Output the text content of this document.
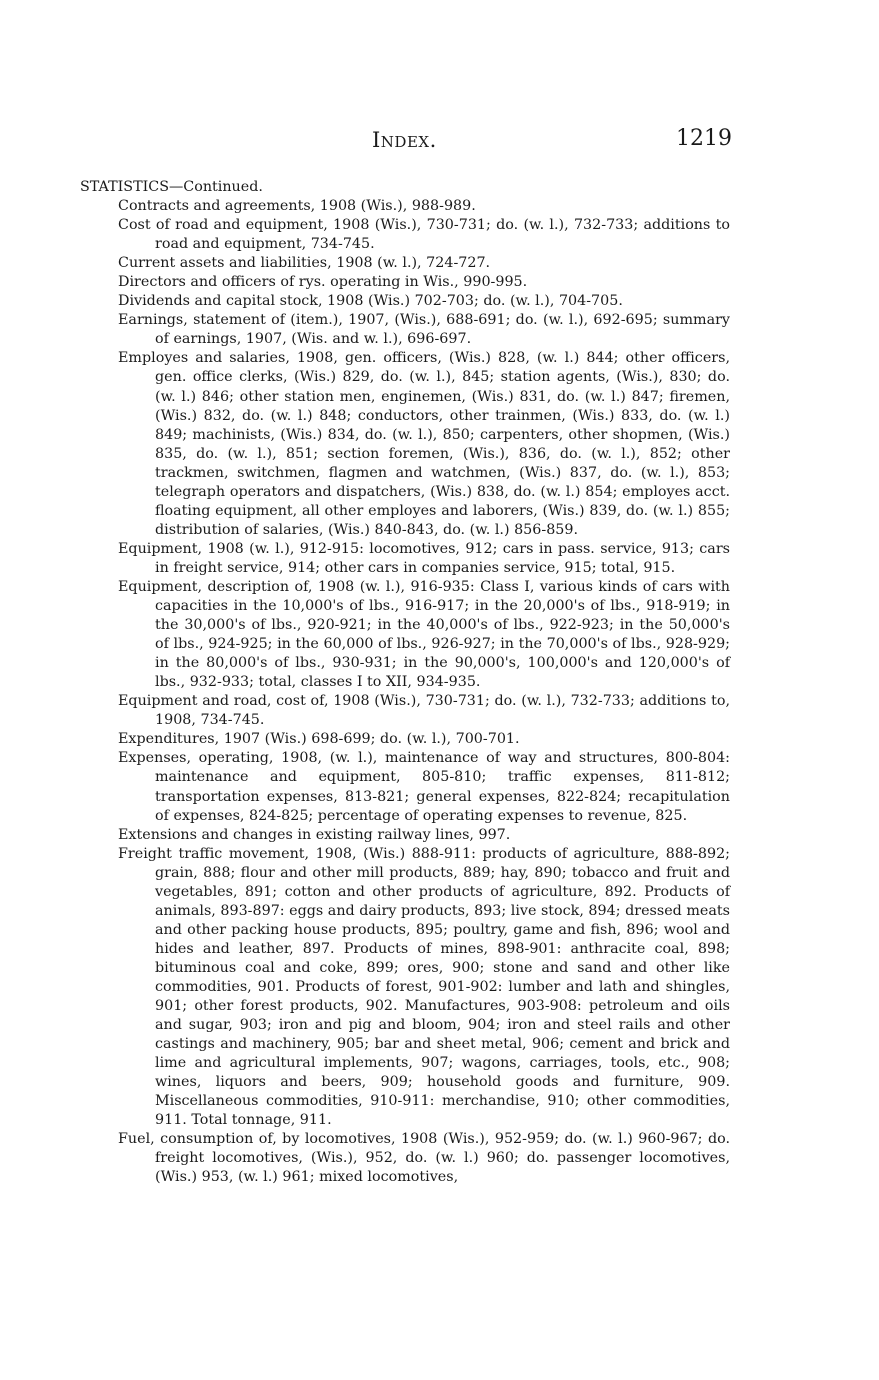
Index.	1219

STATISTICS—Continued.

Contracts and agreements, 1908 (Wis.), 988-989.

Cost of road and equipment, 1908 (Wis.), 730-731; do. (w. l.), 732-733; additions to road and equipment, 734-745.

Current assets and liabilities, 1908 (w. l.), 724-727.

Directors and officers of rys. operating in Wis., 990-995.

Dividends and capital stock, 1908 (Wis.) 702-703; do. (w. l.), 704-705.

Earnings, statement of (item.), 1907, (Wis.), 688-691; do. (w. l.), 692-695; summary of earnings, 1907, (Wis. and w. l.), 696-697.

Employes and salaries, 1908, gen. officers, (Wis.) 828, (w. l.) 844; other officers, gen. office clerks, (Wis.) 829, do. (w. l.), 845; station agents, (Wis.), 830; do. (w. l.) 846; other station men, enginemen, (Wis.) 831, do. (w. l.) 847; firemen, (Wis.) 832, do. (w. l.) 848; conductors, other trainmen, (Wis.) 833, do. (w. l.) 849; machinists, (Wis.) 834, do. (w. l.), 850; carpenters, other shopmen, (Wis.) 835, do. (w. l.), 851; section foremen, (Wis.), 836, do. (w. l.), 852; other trackmen, switchmen, flagmen and watchmen, (Wis.) 837, do. (w. l.), 853; telegraph operators and dispatchers, (Wis.) 838, do. (w. l.) 854; employes acct. floating equipment, all other employes and laborers, (Wis.) 839, do. (w. l.) 855; distribution of salaries, (Wis.) 840-843, do. (w. l.) 856-859.

Equipment, 1908 (w. l.), 912-915: locomotives, 912; cars in pass. service, 913; cars in freight service, 914; other cars in companies service, 915; total, 915.

Equipment, description of, 1908 (w. l.), 916-935: Class I, various kinds of cars with capacities in the 10,000's of lbs., 916-917; in the 20,000's of lbs., 918-919; in the 30,000's of lbs., 920-921; in the 40,000's of lbs., 922-923; in the 50,000's of lbs., 924-925; in the 60,000 of lbs., 926-927; in the 70,000's of lbs., 928-929; in the 80,000's of lbs., 930-931; in the 90,000's, 100,000's and 120,000's of lbs., 932-933; total, classes I to XII, 934-935.

Equipment and road, cost of, 1908 (Wis.), 730-731; do. (w. l.), 732-733; additions to, 1908, 734-745.

Expenditures, 1907 (Wis.) 698-699; do. (w. l.), 700-701.

Expenses, operating, 1908, (w. l.), maintenance of way and structures, 800-804: maintenance and equipment, 805-810; traffic expenses, 811-812; transportation expenses, 813-821; general expenses, 822-824; recapitulation of expenses, 824-825; percentage of operating expenses to revenue, 825.

Extensions and changes in existing railway lines, 997.

Freight traffic movement, 1908, (Wis.) 888-911: products of agriculture, 888-892; grain, 888; flour and other mill products, 889; hay, 890; tobacco and fruit and vegetables, 891; cotton and other products of agriculture, 892. Products of animals, 893-897: eggs and dairy products, 893; live stock, 894; dressed meats and other packing house products, 895; poultry, game and fish, 896; wool and hides and leather, 897. Products of mines, 898-901: anthracite coal, 898; bituminous coal and coke, 899; ores, 900; stone and sand and other like commodities, 901. Products of forest, 901-902: lumber and lath and shingles, 901; other forest products, 902. Manufactures, 903-908: petroleum and oils and sugar, 903; iron and pig and bloom, 904; iron and steel rails and other castings and machinery, 905; bar and sheet metal, 906; cement and brick and lime and agricultural implements, 907; wagons, carriages, tools, etc., 908; wines, liquors and beers, 909; household goods and furniture, 909. Miscellaneous commodities, 910-911: merchandise, 910; other commodities, 911. Total tonnage, 911.

Fuel, consumption of, by locomotives, 1908 (Wis.), 952-959; do. (w. l.) 960-967; do. freight locomotives, (Wis.), 952, do. (w. l.) 960; do. passenger locomotives, (Wis.) 953, (w. l.) 961; mixed locomotives,
